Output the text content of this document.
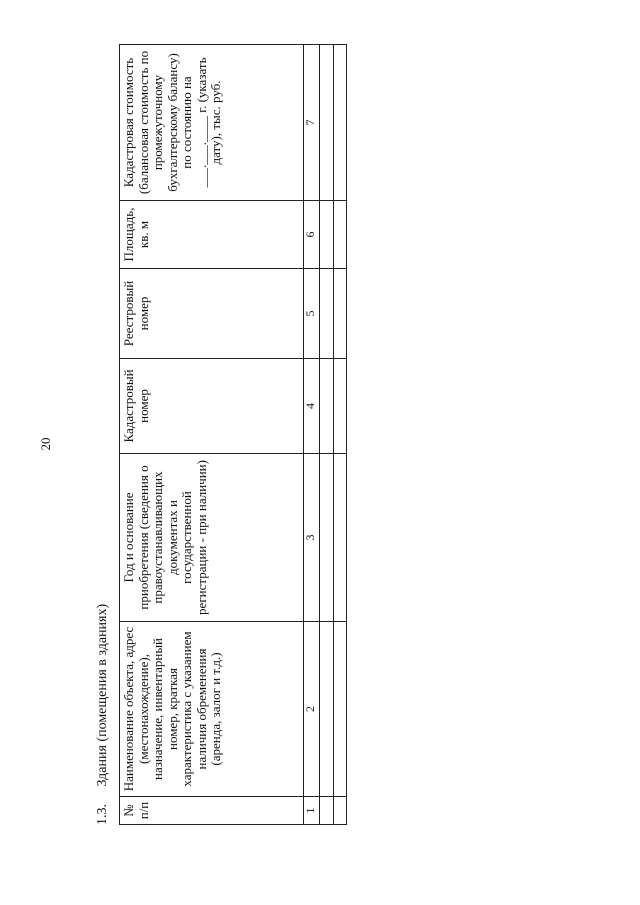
20
1.3. Здания (помещения в зданиях)
№ п/п	Наименование объекта, адрес (местонахождение), назначение, инвентарный номер, краткая характеристика с указанием наличия обременения (аренда, залог и т.д.)	Год и основание приобретения (сведения о правоустанавливающих документах и государственной регистрации - при наличии)	Кадастровый номер	Реестровый номер	Площадь, кв. м	Кадастровая стоимость (балансовая стоимость по промежуточному бухгалтерскому балансу) по состоянию на ___.___.____ г. (указать дату), тыс. руб.
1	2	3	4	5	6	7
